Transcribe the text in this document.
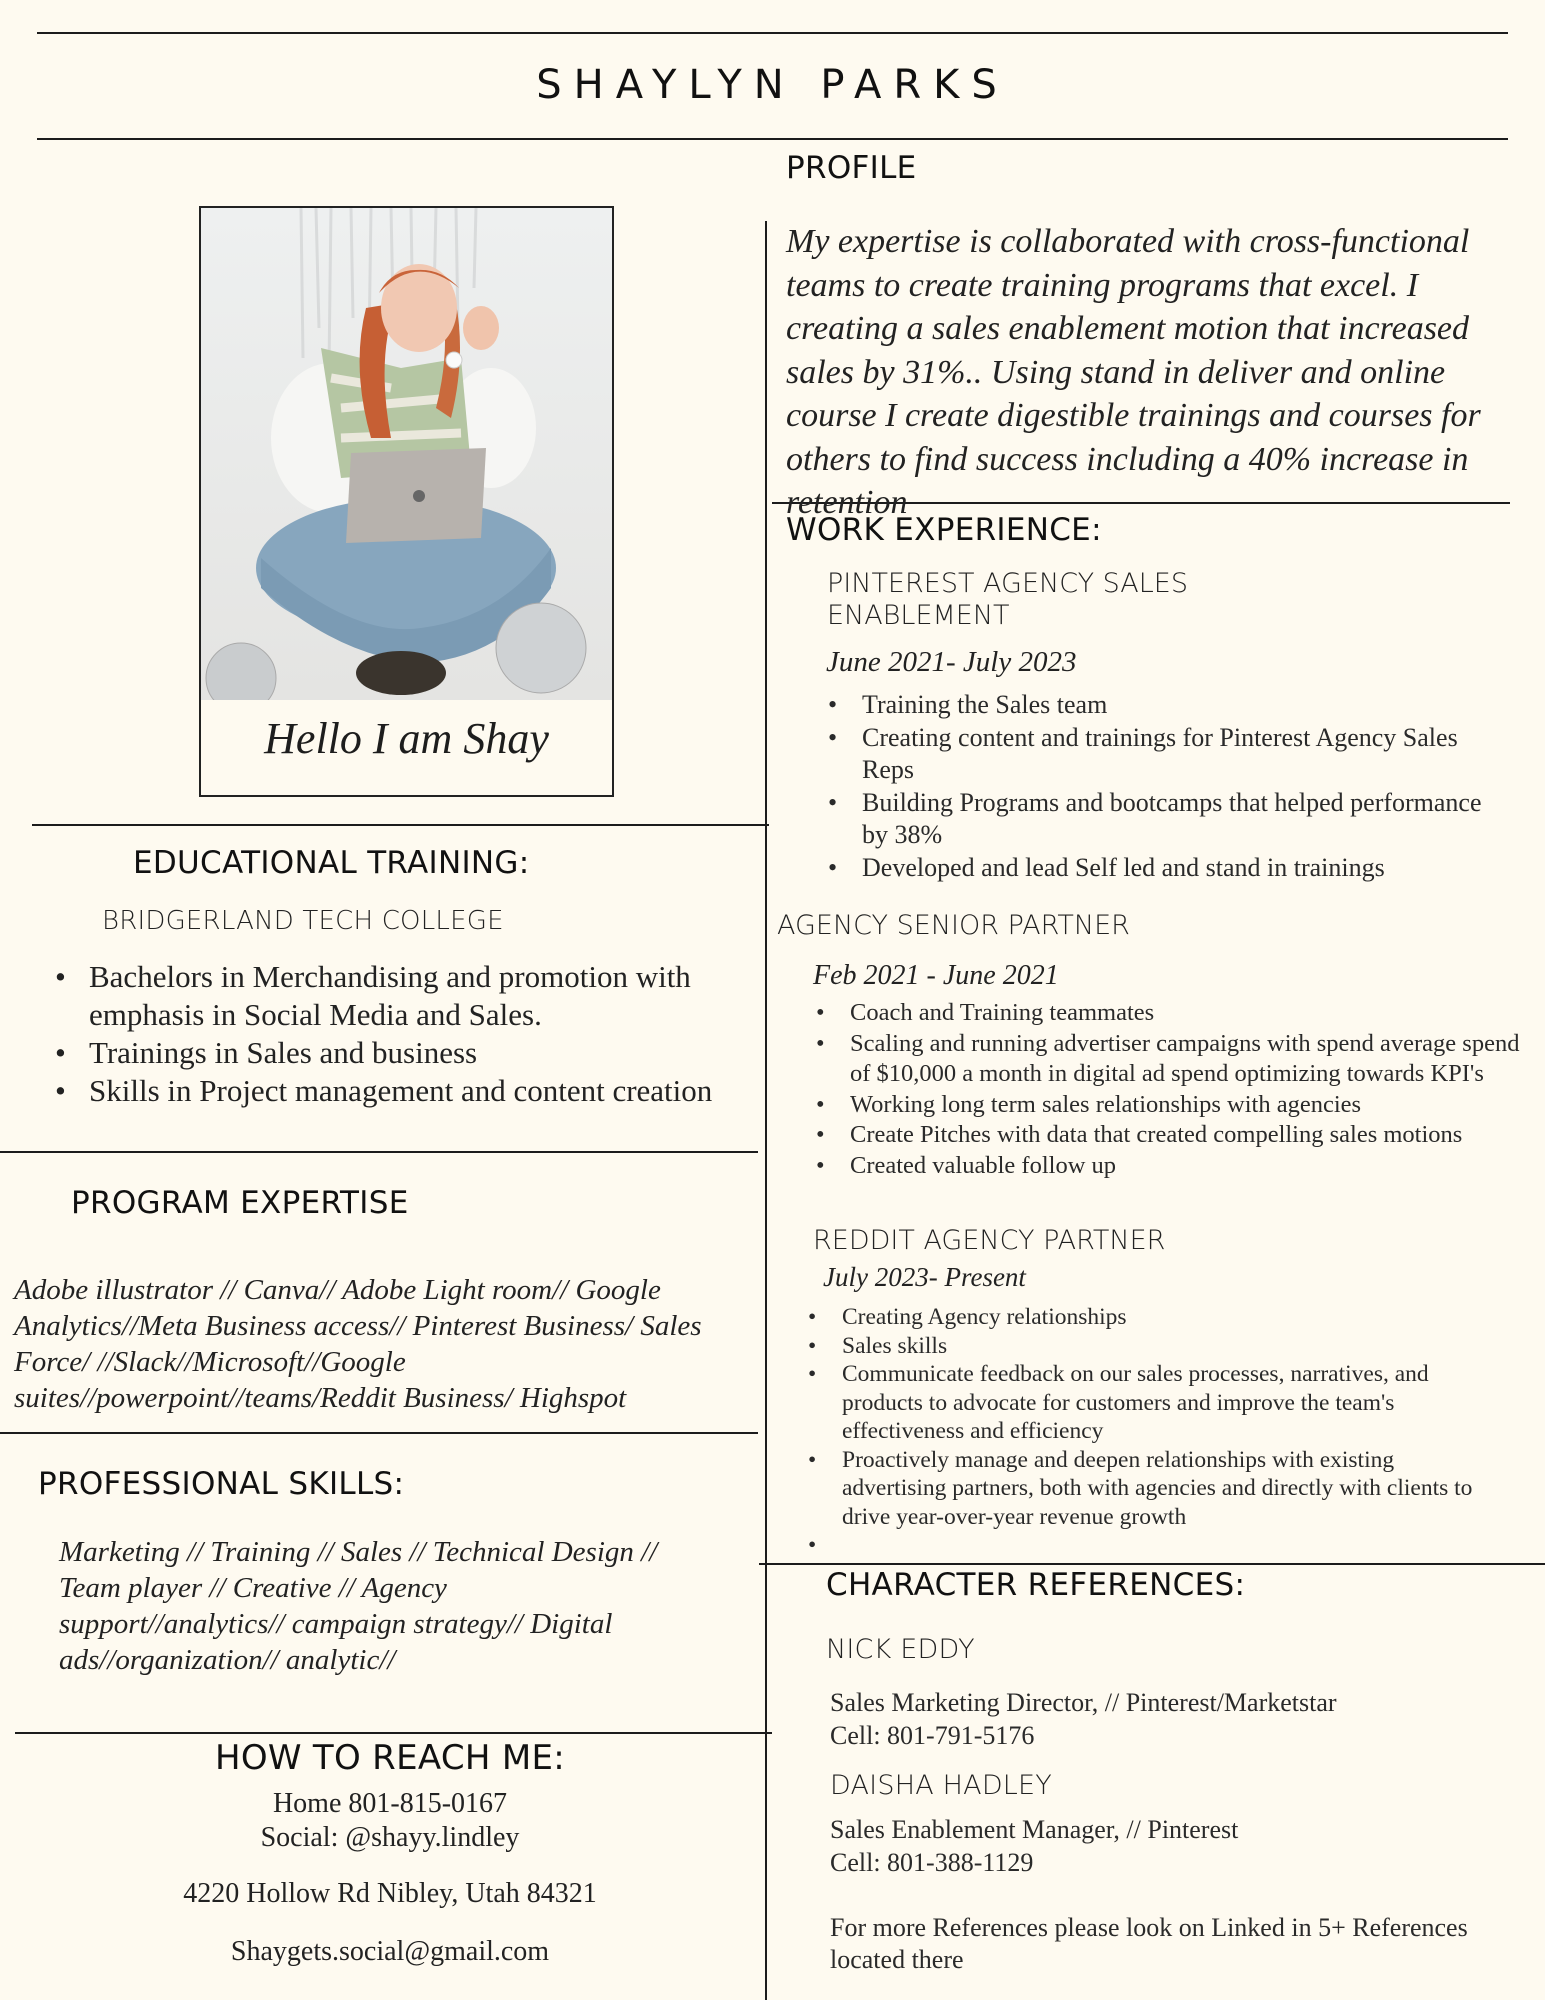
SHAYLYN PARKS
Hello I am Shay
PROFILE
My expertise is collaborated with cross-functional teams to create training programs that excel. I creating a sales enablement motion that increased sales by 31%.. Using stand in deliver and online course I create digestible trainings and courses for others to find success including a 40% increase in retention
WORK EXPERIENCE:
PINTEREST AGENCY SALES
ENABLEMENT
June 2021- July 2023
• Training the Sales team
• Creating content and trainings for Pinterest Agency Sales Reps
• Building Programs and bootcamps that helped performance by 38%
• Developed and lead Self led and stand in trainings
AGENCY SENIOR PARTNER
Feb 2021 - June 2021
• Coach and Training teammates
• Scaling and running advertiser campaigns with spend average spend of $10,000 a month in digital ad spend optimizing towards KPI's
• Working long term sales relationships with agencies
• Create Pitches with data that created compelling sales motions
• Created valuable follow up
REDDIT AGENCY PARTNER
July 2023- Present
• Creating Agency relationships
• Sales skills
• Communicate feedback on our sales processes, narratives, and products to advocate for customers and improve the team's effectiveness and efficiency
• Proactively manage and deepen relationships with existing advertising partners, both with agencies and directly with clients to drive year-over-year revenue growth
•
CHARACTER REFERENCES:
NICK EDDY
Sales Marketing Director, // Pinterest/Marketstar
Cell: 801-791-5176
DAISHA HADLEY
Sales Enablement Manager, // Pinterest
Cell: 801-388-1129
For more References please look on Linked in 5+ References located there
EDUCATIONAL TRAINING:
BRIDGERLAND TECH COLLEGE
• Bachelors in Merchandising and promotion with emphasis in Social Media and Sales.
• Trainings in Sales and business
• Skills in Project management and content creation
PROGRAM EXPERTISE
Adobe illustrator // Canva// Adobe Light room// Google Analytics//Meta Business access// Pinterest Business/ Sales Force/ //Slack//Microsoft//Google suites//powerpoint//teams/Reddit Business/ Highspot
PROFESSIONAL SKILLS:
Marketing // Training // Sales // Technical Design // Team player // Creative // Agency support//analytics// campaign strategy// Digital ads//organization// analytic//
HOW TO REACH ME:
Home 801-815-0167
Social: @shayy.lindley
4220 Hollow Rd Nibley, Utah 84321
Shaygets.social@gmail.com
